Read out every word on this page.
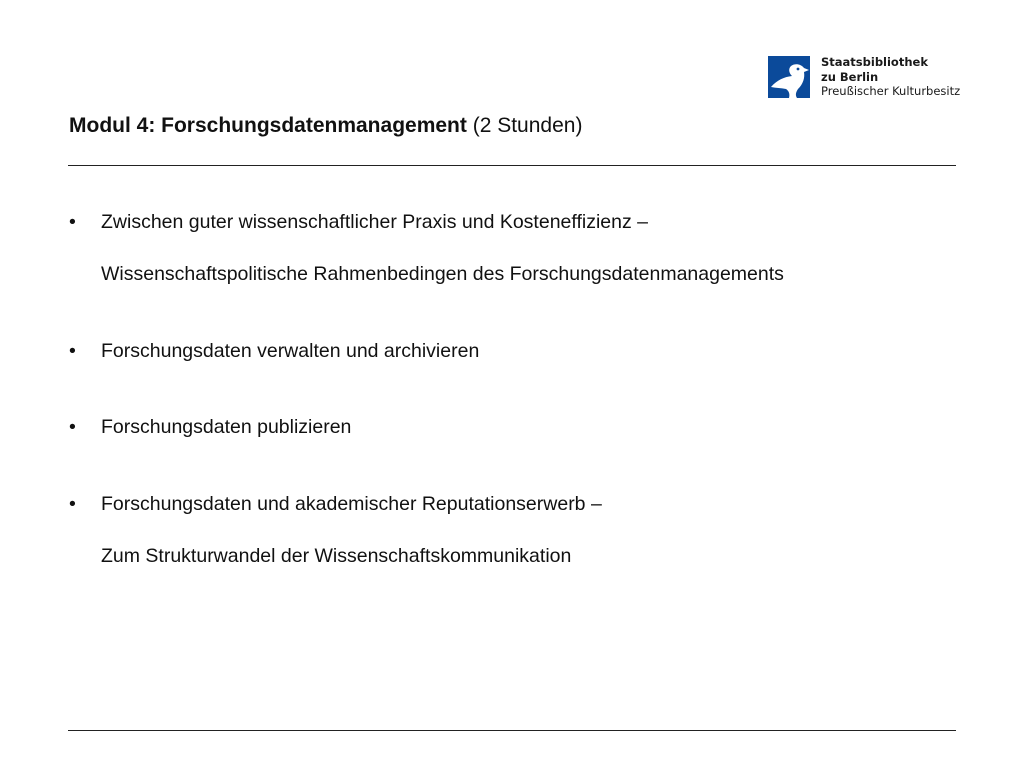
Staatsbibliothek
zu Berlin
Preußischer Kulturbesitz
Modul 4: Forschungsdatenmanagement (2 Stunden)
• Zwischen guter wissenschaftlicher Praxis und Kosteneffizienz –
Wissenschaftspolitische Rahmenbedingen des Forschungsdatenmanagements
• Forschungsdaten verwalten und archivieren
• Forschungsdaten publizieren
• Forschungsdaten und akademischer Reputationserwerb –
Zum Strukturwandel der Wissenschaftskommunikation
